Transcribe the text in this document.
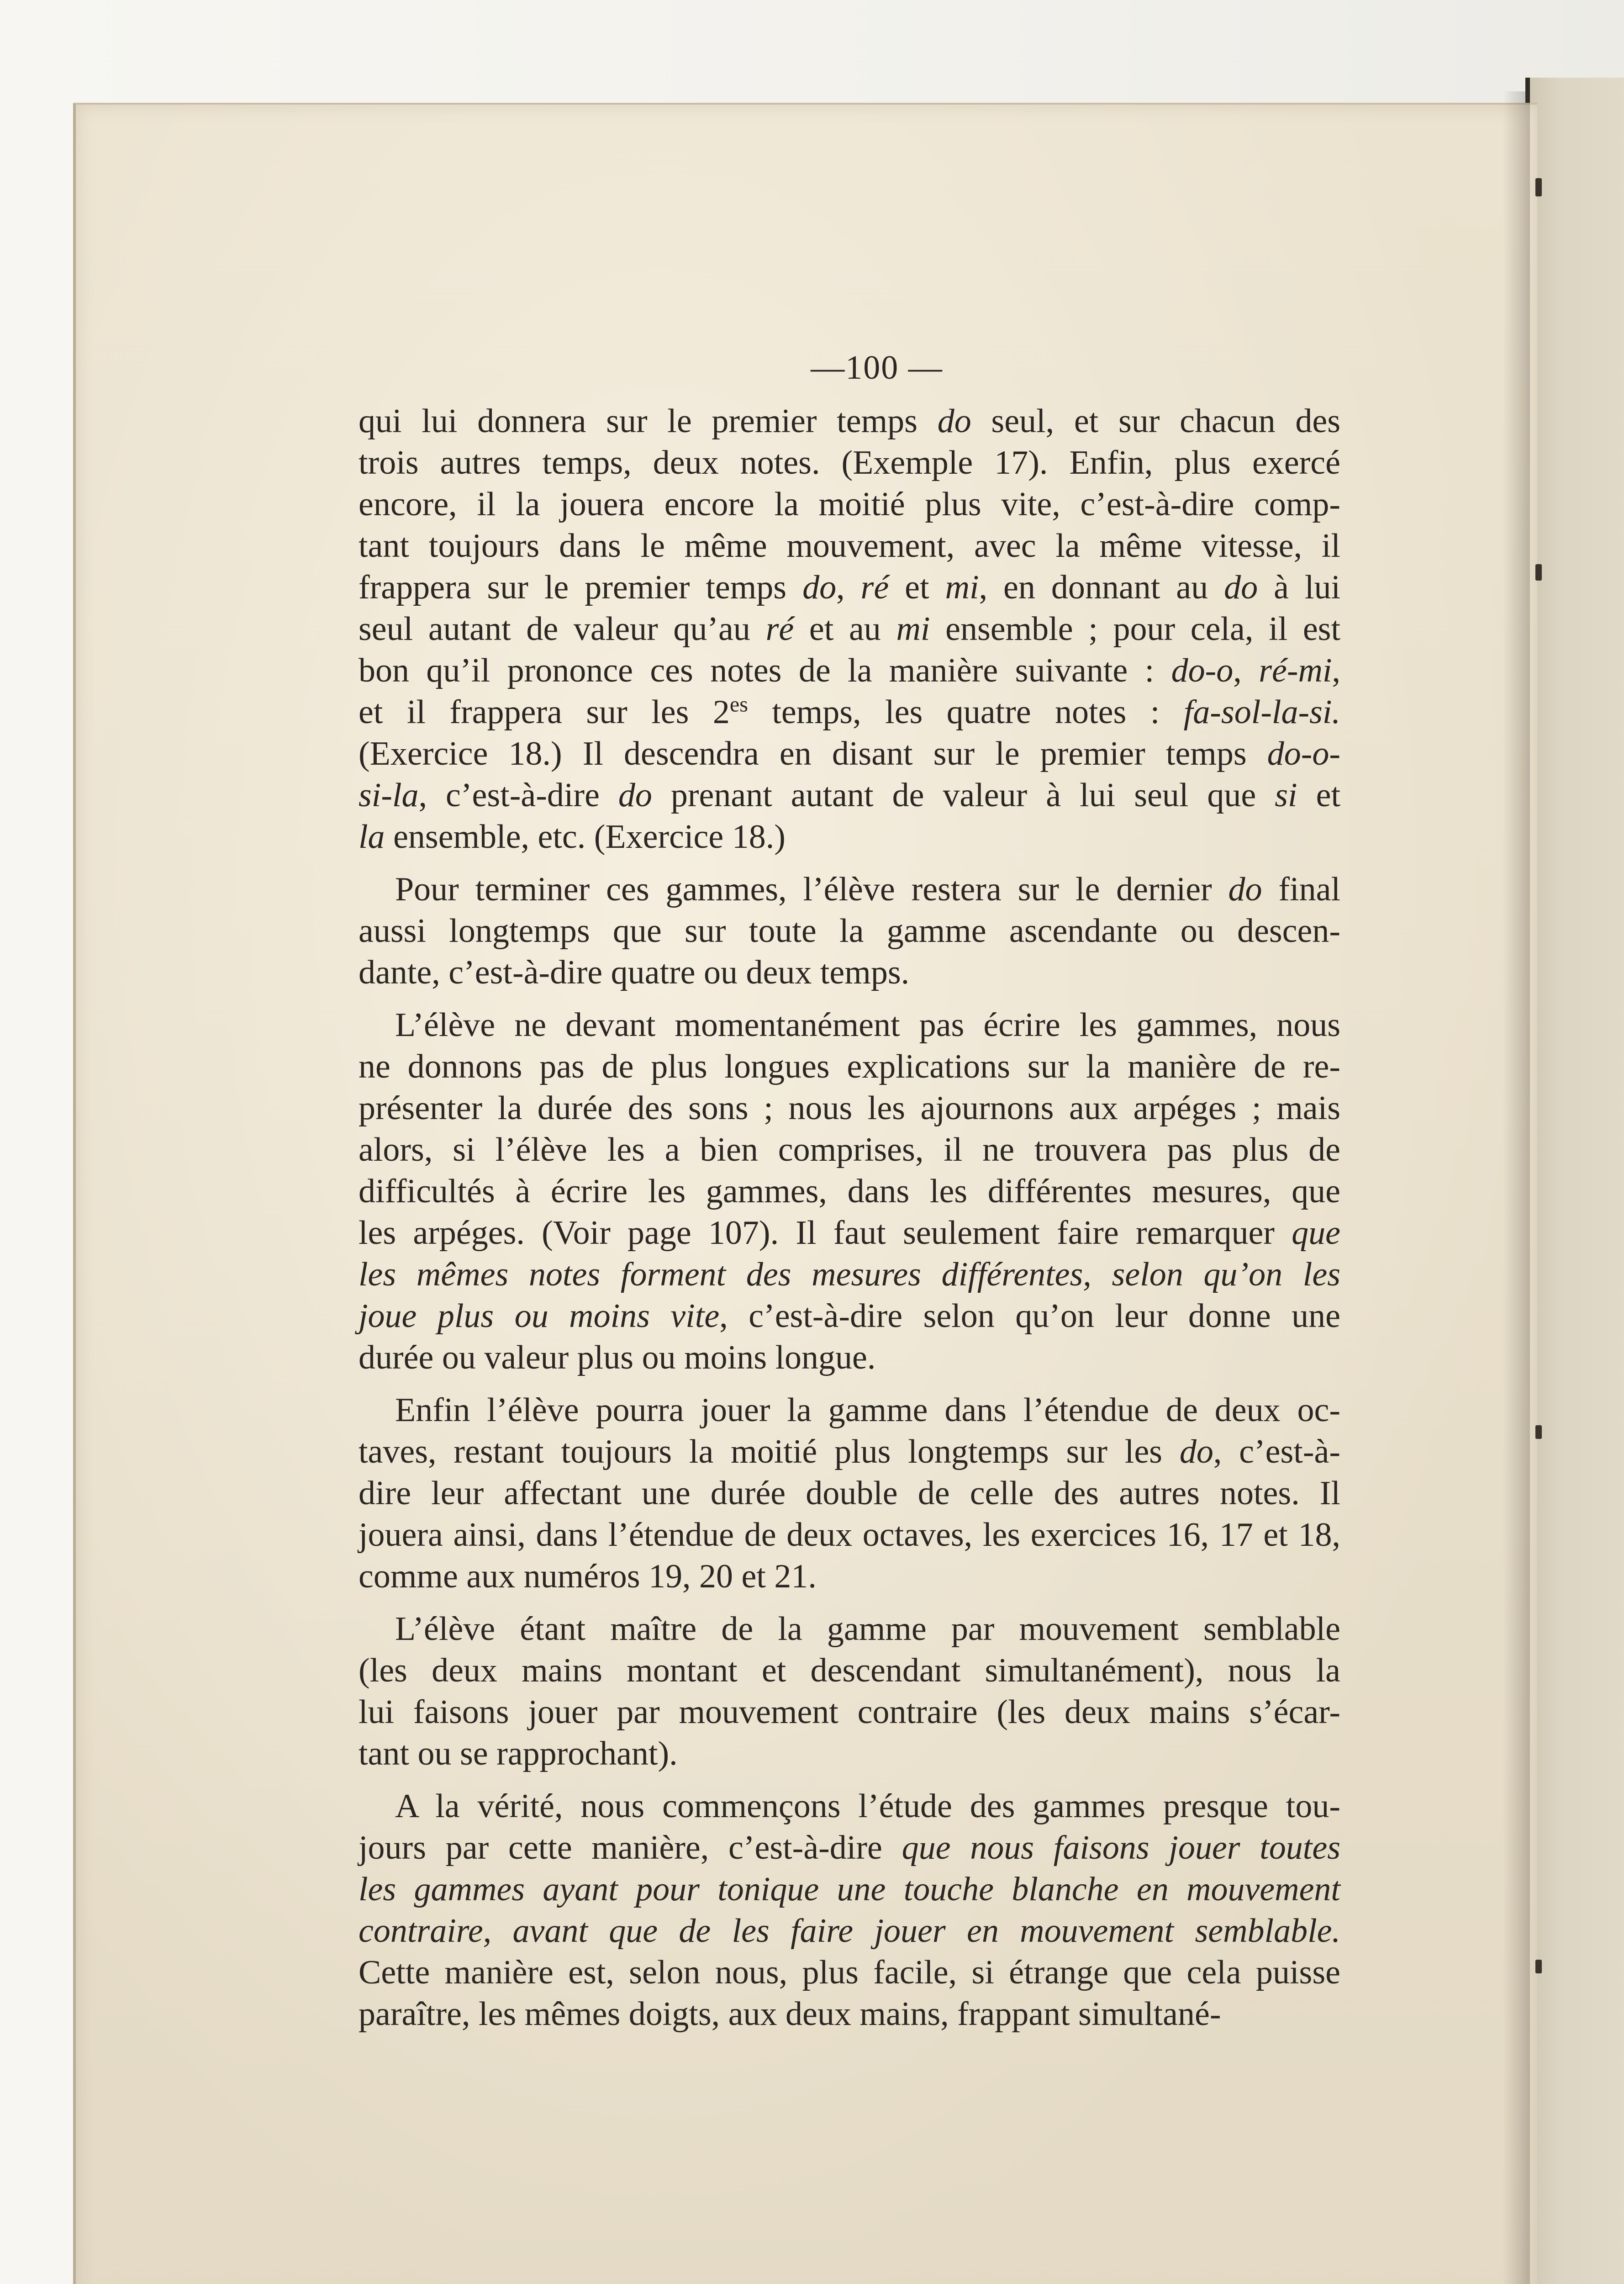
—100 —
qui lui donnera sur le premier temps do seul, et sur chacun des
trois autres temps, deux notes. (Exemple 17). Enfin, plus exercé
encore, il la jouera encore la moitié plus vite, c’est-à-dire comp-
tant toujours dans le même mouvement, avec la même vitesse, il
frappera sur le premier temps do, ré et mi, en donnant au do à lui
seul autant de valeur qu’au ré et au mi ensemble ; pour cela, il est
bon qu’il prononce ces notes de la manière suivante : do-o, ré-mi,
et il frappera sur les $2^{es}$ temps, les quatre notes : fa-sol-la-si.
(Exercice 18.) Il descendra en disant sur le premier temps do-o-
si-la, c’est-à-dire do prenant autant de valeur à lui seul que si et
la ensemble, etc. (Exercice 18.)
Pour terminer ces gammes, l’élève restera sur le dernier do final
aussi longtemps que sur toute la gamme ascendante ou descen-
dante, c’est-à-dire quatre ou deux temps.
L’élève ne devant momentanément pas écrire les gammes, nous
ne donnons pas de plus longues explications sur la manière de re-
présenter la durée des sons ; nous les ajournons aux arpéges ; mais
alors, si l’élève les a bien comprises, il ne trouvera pas plus de
difficultés à écrire les gammes, dans les différentes mesures, que
les arpéges. (Voir page 107). Il faut seulement faire remarquer que
les mêmes notes forment des mesures différentes, selon qu’on les
joue plus ou moins vite, c’est-à-dire selon qu’on leur donne une
durée ou valeur plus ou moins longue.
Enfin l’élève pourra jouer la gamme dans l’étendue de deux oc-
taves, restant toujours la moitié plus longtemps sur les do, c’est-à-
dire leur affectant une durée double de celle des autres notes. Il
jouera ainsi, dans l’étendue de deux octaves, les exercices 16, 17 et 18,
comme aux numéros 19, 20 et 21.
L’élève étant maître de la gamme par mouvement semblable
(les deux mains montant et descendant simultanément), nous la
lui faisons jouer par mouvement contraire (les deux mains s’écar-
tant ou se rapprochant).
A la vérité, nous commençons l’étude des gammes presque tou-
jours par cette manière, c’est-à-dire que nous faisons jouer toutes
les gammes ayant pour tonique une touche blanche en mouvement
contraire, avant que de les faire jouer en mouvement semblable.
Cette manière est, selon nous, plus facile, si étrange que cela puisse
paraître, les mêmes doigts, aux deux mains, frappant simultané-
